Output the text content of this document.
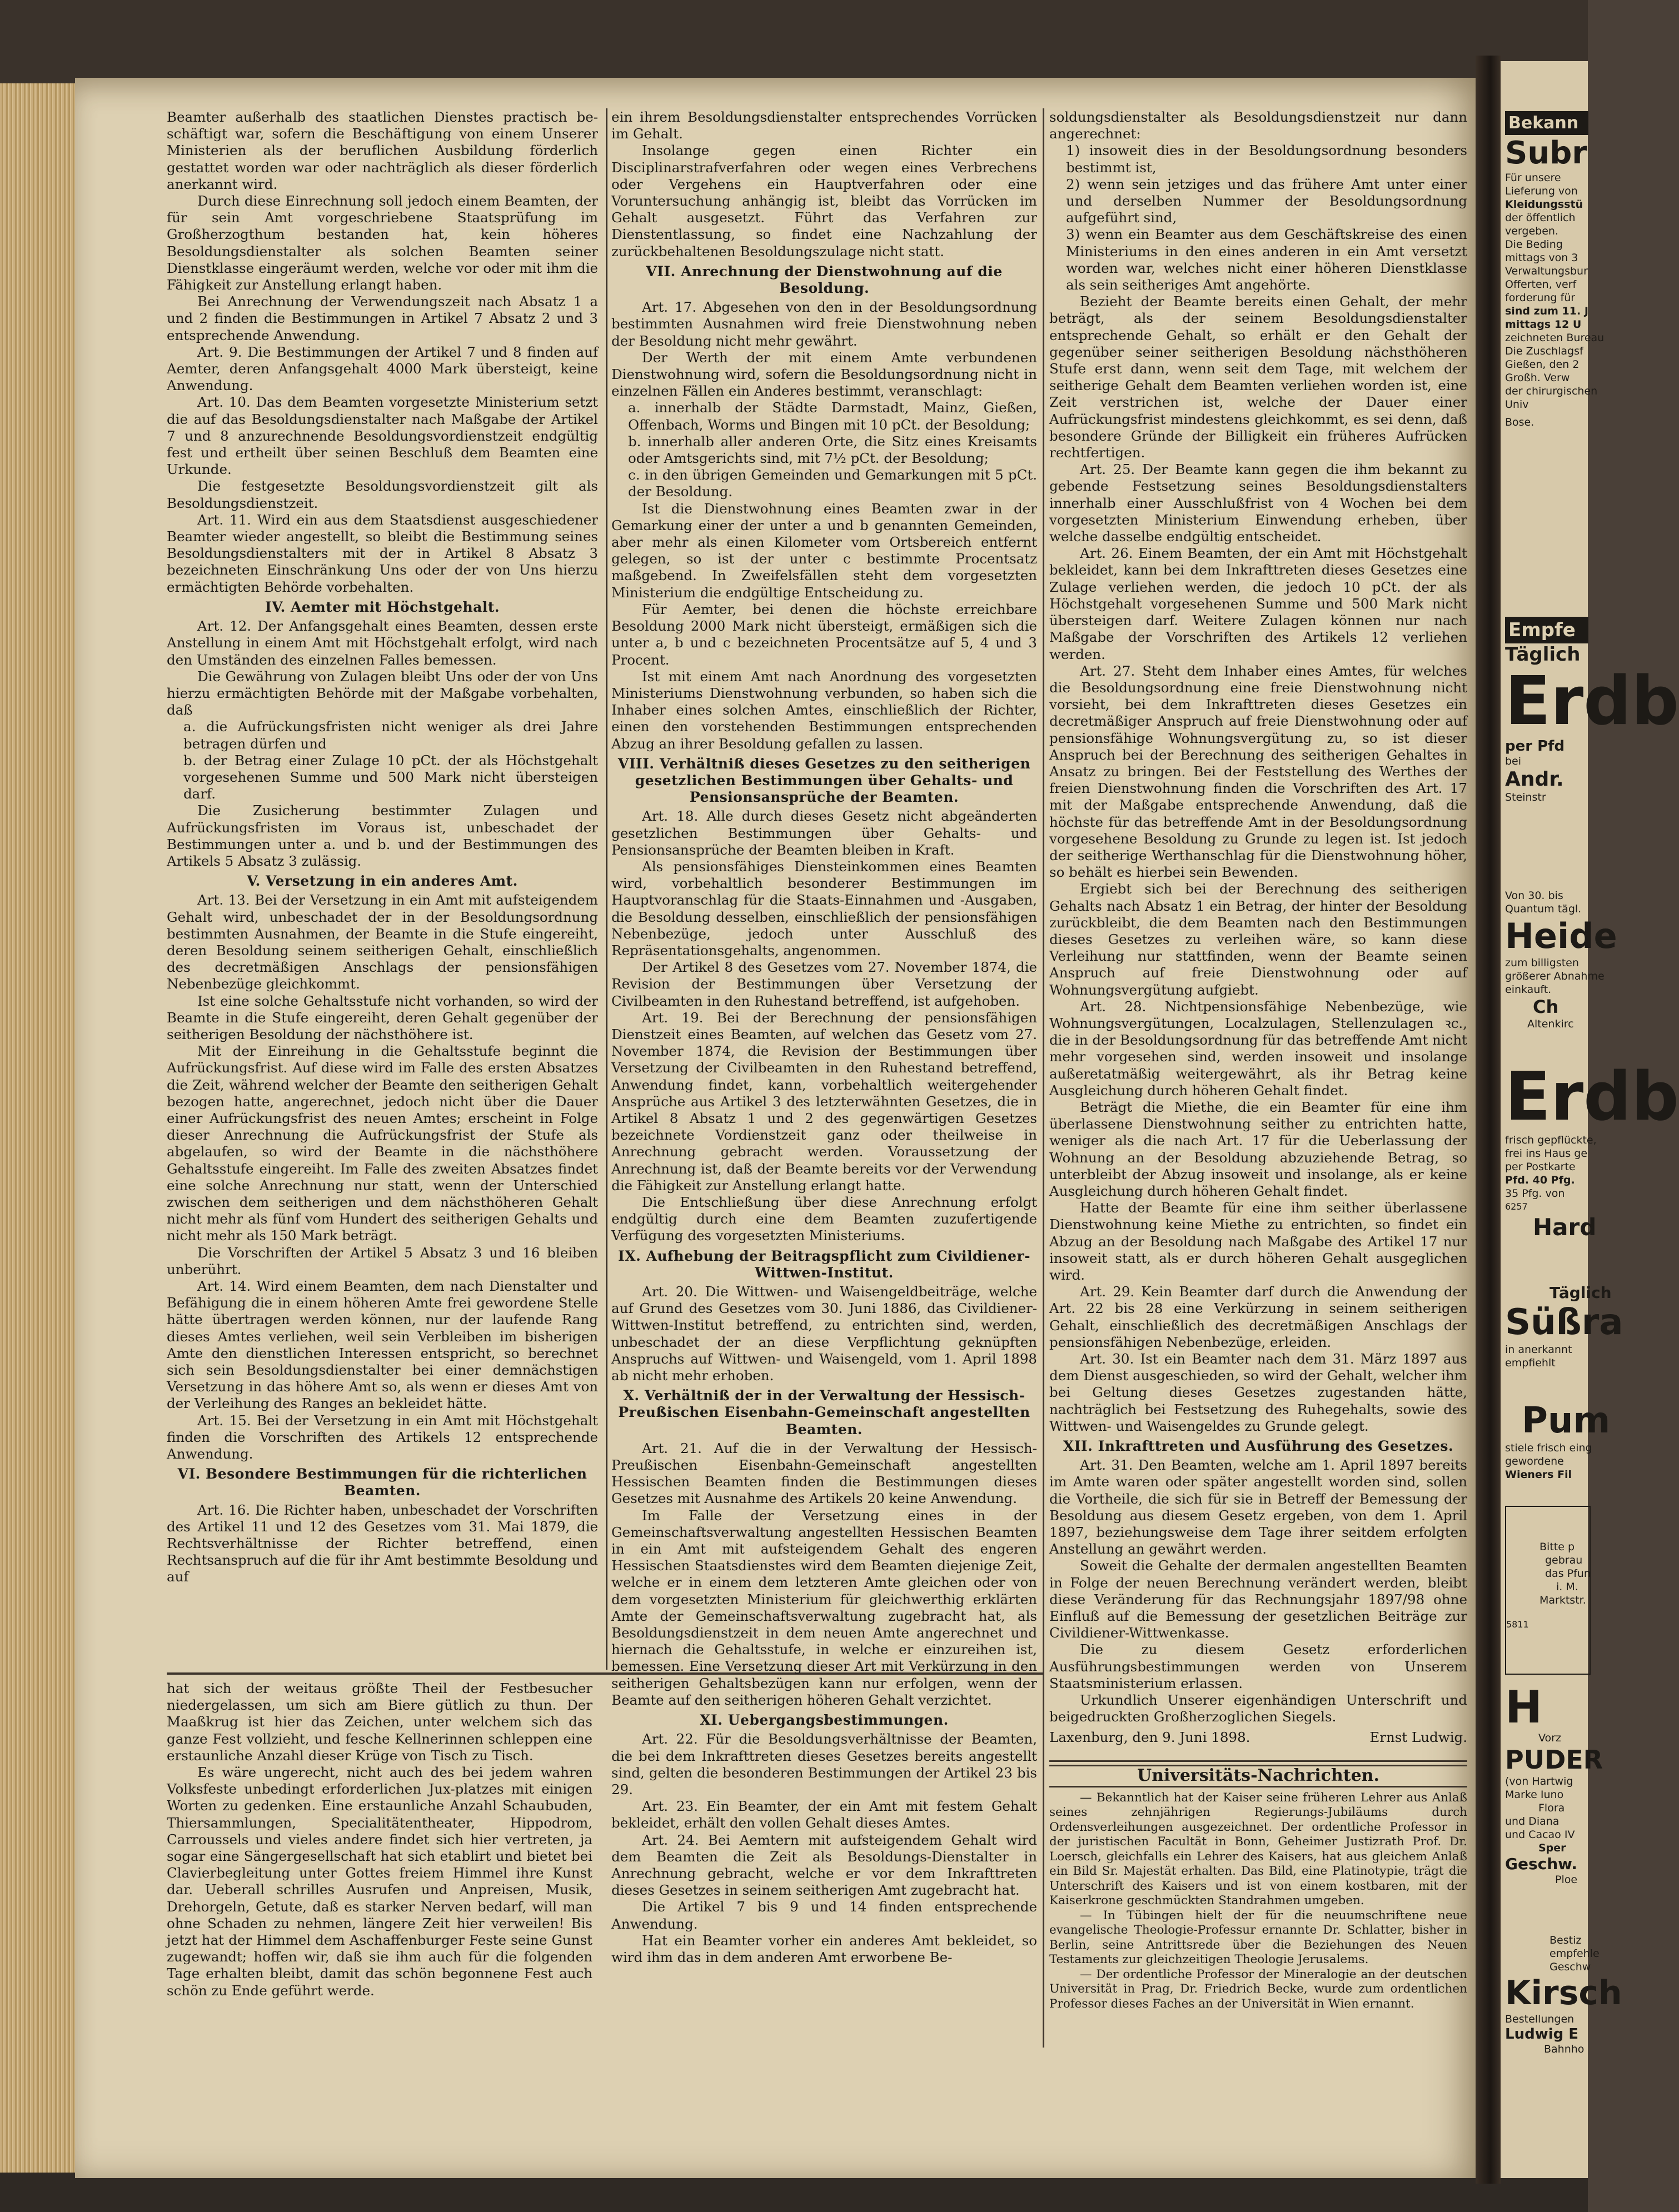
Beamter außerhalb des staatlichen Dienstes practisch be-schäftigt war, sofern die Beschäftigung von einem Unserer Ministerien als der beruflichen Ausbildung förderlich gestattet worden war oder nachträglich als dieser förderlich anerkannt wird.

Durch diese Einrechnung soll jedoch einem Beamten, der für sein Amt vorgeschriebene Staatsprüfung im Großherzogthum bestanden hat, kein höheres Besoldungsdienstalter als solchen Beamten seiner Dienstklasse eingeräumt werden, welche vor oder mit ihm die Fähigkeit zur Anstellung erlangt haben.

Bei Anrechnung der Verwendungszeit nach Absatz 1 a und 2 finden die Bestimmungen in Artikel 7 Absatz 2 und 3 entsprechende Anwendung.

Art. 9. Die Bestimmungen der Artikel 7 und 8 finden auf Aemter, deren Anfangsgehalt 4000 Mark übersteigt, keine Anwendung.

Art. 10. Das dem Beamten vorgesetzte Ministerium setzt die auf das Besoldungsdienstalter nach Maßgabe der Artikel 7 und 8 anzurechnende Besoldungsvordienstzeit endgültig fest und ertheilt über seinen Beschluß dem Beamten eine Urkunde.

Die festgesetzte Besoldungsvordienstzeit gilt als Besoldungsdienstzeit.

Art. 11. Wird ein aus dem Staatsdienst ausgeschiedener Beamter wieder angestellt, so bleibt die Bestimmung seines Besoldungsdienstalters mit der in Artikel 8 Absatz 3 bezeichneten Einschränkung Uns oder der von Uns hierzu ermächtigten Behörde vorbehalten.

IV. Aemter mit Höchstgehalt.

Art. 12. Der Anfangsgehalt eines Beamten, dessen erste Anstellung in einem Amt mit Höchstgehalt erfolgt, wird nach den Umständen des einzelnen Falles bemessen.

Die Gewährung von Zulagen bleibt Uns oder der von Uns hierzu ermächtigten Behörde mit der Maßgabe vorbehalten, daß

a. die Aufrückungsfristen nicht weniger als drei Jahre betragen dürfen und

b. der Betrag einer Zulage 10 pCt. der als Höchstgehalt vorgesehenen Summe und 500 Mark nicht übersteigen darf.

Die Zusicherung bestimmter Zulagen und Aufrückungsfristen im Voraus ist, unbeschadet der Bestimmungen unter a. und b. und der Bestimmungen des Artikels 5 Absatz 3 zulässig.

V. Versetzung in ein anderes Amt.

Art. 13. Bei der Versetzung in ein Amt mit aufsteigendem Gehalt wird, unbeschadet der in der Besoldungsordnung bestimmten Ausnahmen, der Beamte in die Stufe eingereiht, deren Besoldung seinem seitherigen Gehalt, einschließlich des decretmäßigen Anschlags der pensionsfähigen Nebenbezüge gleichkommt.

Ist eine solche Gehaltsstufe nicht vorhanden, so wird der Beamte in die Stufe eingereiht, deren Gehalt gegenüber der seitherigen Besoldung der nächsthöhere ist.

Mit der Einreihung in die Gehaltsstufe beginnt die Aufrückungsfrist. Auf diese wird im Falle des ersten Absatzes die Zeit, während welcher der Beamte den seitherigen Gehalt bezogen hatte, angerechnet, jedoch nicht über die Dauer einer Aufrückungsfrist des neuen Amtes; erscheint in Folge dieser Anrechnung die Aufrückungsfrist der Stufe als abgelaufen, so wird der Beamte in die nächsthöhere Gehaltsstufe eingereiht. Im Falle des zweiten Absatzes findet eine solche Anrechnung nur statt, wenn der Unterschied zwischen dem seitherigen und dem nächsthöheren Gehalt nicht mehr als fünf vom Hundert des seitherigen Gehalts und nicht mehr als 150 Mark beträgt.

Die Vorschriften der Artikel 5 Absatz 3 und 16 bleiben unberührt.

Art. 14. Wird einem Beamten, dem nach Dienstalter und Befähigung die in einem höheren Amte frei gewordene Stelle hätte übertragen werden können, nur der laufende Rang dieses Amtes verliehen, weil sein Verbleiben im bisherigen Amte den dienstlichen Interessen entspricht, so berechnet sich sein Besoldungsdienstalter bei einer demnächstigen Versetzung in das höhere Amt so, als wenn er dieses Amt von der Verleihung des Ranges an bekleidet hätte.

Art. 15. Bei der Versetzung in ein Amt mit Höchstgehalt finden die Vorschriften des Artikels 12 entsprechende Anwendung.

VI. Besondere Bestimmungen für die richterlichen Beamten.

Art. 16. Die Richter haben, unbeschadet der Vorschriften des Artikel 11 und 12 des Gesetzes vom 31. Mai 1879, die Rechtsverhältnisse der Richter betreffend, einen Rechtsanspruch auf die für ihr Amt bestimmte Besoldung und auf

ein ihrem Besoldungsdienstalter entsprechendes Vorrücken im Gehalt.

Insolange gegen einen Richter ein Disciplinarstrafverfahren oder wegen eines Verbrechens oder Vergehens ein Hauptverfahren oder eine Voruntersuchung anhängig ist, bleibt das Vorrücken im Gehalt ausgesetzt. Führt das Verfahren zur Dienstentlassung, so findet eine Nachzahlung der zurückbehaltenen Besoldungszulage nicht statt.

VII. Anrechnung der Dienstwohnung auf die Besoldung.

Art. 17. Abgesehen von den in der Besoldungsordnung bestimmten Ausnahmen wird freie Dienstwohnung neben der Besoldung nicht mehr gewährt.

Der Werth der mit einem Amte verbundenen Dienstwohnung wird, sofern die Besoldungsordnung nicht in einzelnen Fällen ein Anderes bestimmt, veranschlagt:

a. innerhalb der Städte Darmstadt, Mainz, Gießen, Offenbach, Worms und Bingen mit 10 pCt. der Besoldung;

b. innerhalb aller anderen Orte, die Sitz eines Kreisamts oder Amtsgerichts sind, mit 7½ pCt. der Besoldung;

c. in den übrigen Gemeinden und Gemarkungen mit 5 pCt. der Besoldung.

Ist die Dienstwohnung eines Beamten zwar in der Gemarkung einer der unter a und b genannten Gemeinden, aber mehr als einen Kilometer vom Ortsbereich entfernt gelegen, so ist der unter c bestimmte Procentsatz maßgebend. In Zweifelsfällen steht dem vorgesetzten Ministerium die endgültige Entscheidung zu.

Für Aemter, bei denen die höchste erreichbare Besoldung 2000 Mark nicht übersteigt, ermäßigen sich die unter a, b und c bezeichneten Procentsätze auf 5, 4 und 3 Procent.

Ist mit einem Amt nach Anordnung des vorgesetzten Ministeriums Dienstwohnung verbunden, so haben sich die Inhaber eines solchen Amtes, einschließlich der Richter, einen den vorstehenden Bestimmungen entsprechenden Abzug an ihrer Besoldung gefallen zu lassen.

VIII. Verhältniß dieses Gesetzes zu den seitherigen gesetzlichen Bestimmungen über Gehalts- und Pensionsansprüche der Beamten.

Art. 18. Alle durch dieses Gesetz nicht abgeänderten gesetzlichen Bestimmungen über Gehalts- und Pensionsansprüche der Beamten bleiben in Kraft.

Als pensionsfähiges Diensteinkommen eines Beamten wird, vorbehaltlich besonderer Bestimmungen im Hauptvoranschlag für die Staats-Einnahmen und -Ausgaben, die Besoldung desselben, einschließlich der pensionsfähigen Nebenbezüge, jedoch unter Ausschluß des Repräsentationsgehalts, angenommen.

Der Artikel 8 des Gesetzes vom 27. November 1874, die Revision der Bestimmungen über Versetzung der Civilbeamten in den Ruhestand betreffend, ist aufgehoben.

Art. 19. Bei der Berechnung der pensionsfähigen Dienstzeit eines Beamten, auf welchen das Gesetz vom 27. November 1874, die Revision der Bestimmungen über Versetzung der Civilbeamten in den Ruhestand betreffend, Anwendung findet, kann, vorbehaltlich weitergehender Ansprüche aus Artikel 3 des letzterwähnten Gesetzes, die in Artikel 8 Absatz 1 und 2 des gegenwärtigen Gesetzes bezeichnete Vordienstzeit ganz oder theilweise in Anrechnung gebracht werden. Voraussetzung der Anrechnung ist, daß der Beamte bereits vor der Verwendung die Fähigkeit zur Anstellung erlangt hatte.

Die Entschließung über diese Anrechnung erfolgt endgültig durch eine dem Beamten zuzufertigende Verfügung des vorgesetzten Ministeriums.

IX. Aufhebung der Beitragspflicht zum Civildiener-Wittwen-Institut.

Art. 20. Die Wittwen- und Waisengeldbeiträge, welche auf Grund des Gesetzes vom 30. Juni 1886, das Civildiener-Wittwen-Institut betreffend, zu entrichten sind, werden, unbeschadet der an diese Verpflichtung geknüpften Anspruchs auf Wittwen- und Waisengeld, vom 1. April 1898 ab nicht mehr erhoben.

X. Verhältniß der in der Verwaltung der Hessisch-Preußischen Eisenbahn-Gemeinschaft angestellten Beamten.

Art. 21. Auf die in der Verwaltung der Hessisch-Preußischen Eisenbahn-Gemeinschaft angestellten Hessischen Beamten finden die Bestimmungen dieses Gesetzes mit Ausnahme des Artikels 20 keine Anwendung.

Im Falle der Versetzung eines in der Gemeinschaftsverwaltung angestellten Hessischen Beamten in ein Amt mit aufsteigendem Gehalt des engeren Hessischen Staatsdienstes wird dem Beamten diejenige Zeit, welche er in einem dem letzteren Amte gleichen oder von dem vorgesetzten Ministerium für gleichwerthig erklärten Amte der Gemeinschaftsverwaltung zugebracht hat, als Besoldungsdienstzeit in dem neuen Amte angerechnet und hiernach die Gehaltsstufe, in welche er einzureihen ist, bemessen. Eine Versetzung dieser Art mit Verkürzung in den seitherigen Gehaltsbezügen kann nur erfolgen, wenn der Beamte auf den seitherigen höheren Gehalt verzichtet.

XI. Uebergangsbestimmungen.

Art. 22. Für die Besoldungsverhältnisse der Beamten, die bei dem Inkrafttreten dieses Gesetzes bereits angestellt sind, gelten die besonderen Bestimmungen der Artikel 23 bis 29.

Art. 23. Ein Beamter, der ein Amt mit festem Gehalt bekleidet, erhält den vollen Gehalt dieses Amtes.

Art. 24. Bei Aemtern mit aufsteigendem Gehalt wird dem Beamten die Zeit als Besoldungs-Dienstalter in Anrechnung gebracht, welche er vor dem Inkrafttreten dieses Gesetzes in seinem seitherigen Amt zugebracht hat.

Die Artikel 7 bis 9 und 14 finden entsprechende Anwendung.

Hat ein Beamter vorher ein anderes Amt bekleidet, so wird ihm das in dem anderen Amt erworbene Be-

soldungsdienstalter als Besoldungsdienstzeit nur dann angerechnet:

1) insoweit dies in der Besoldungsordnung besonders bestimmt ist,

2) wenn sein jetziges und das frühere Amt unter einer und derselben Nummer der Besoldungsordnung aufgeführt sind,

3) wenn ein Beamter aus dem Geschäftskreise des einen Ministeriums in den eines anderen in ein Amt versetzt worden war, welches nicht einer höheren Dienstklasse als sein seitheriges Amt angehörte.

Bezieht der Beamte bereits einen Gehalt, der mehr beträgt, als der seinem Besoldungsdienstalter entsprechende Gehalt, so erhält er den Gehalt der gegenüber seiner seitherigen Besoldung nächsthöheren Stufe erst dann, wenn seit dem Tage, mit welchem der seitherige Gehalt dem Beamten verliehen worden ist, eine Zeit verstrichen ist, welche der Dauer einer Aufrückungsfrist mindestens gleichkommt, es sei denn, daß besondere Gründe der Billigkeit ein früheres Aufrücken rechtfertigen.

Art. 25. Der Beamte kann gegen die ihm bekannt zu gebende Festsetzung seines Besoldungsdienstalters innerhalb einer Ausschlußfrist von 4 Wochen bei dem vorgesetzten Ministerium Einwendung erheben, über welche dasselbe endgültig entscheidet.

Art. 26. Einem Beamten, der ein Amt mit Höchstgehalt bekleidet, kann bei dem Inkrafttreten dieses Gesetzes eine Zulage verliehen werden, die jedoch 10 pCt. der als Höchstgehalt vorgesehenen Summe und 500 Mark nicht übersteigen darf. Weitere Zulagen können nur nach Maßgabe der Vorschriften des Artikels 12 verliehen werden.

Art. 27. Steht dem Inhaber eines Amtes, für welches die Besoldungsordnung eine freie Dienstwohnung nicht vorsieht, bei dem Inkrafttreten dieses Gesetzes ein decretmäßiger Anspruch auf freie Dienstwohnung oder auf pensionsfähige Wohnungsvergütung zu, so ist dieser Anspruch bei der Berechnung des seitherigen Gehaltes in Ansatz zu bringen. Bei der Feststellung des Werthes der freien Dienstwohnung finden die Vorschriften des Art. 17 mit der Maßgabe entsprechende Anwendung, daß die höchste für das betreffende Amt in der Besoldungsordnung vorgesehene Besoldung zu Grunde zu legen ist. Ist jedoch der seitherige Werthanschlag für die Dienstwohnung höher, so behält es hierbei sein Bewenden.

Ergiebt sich bei der Berechnung des seitherigen Gehalts nach Absatz 1 ein Betrag, der hinter der Besoldung zurückbleibt, die dem Beamten nach den Bestimmungen dieses Gesetzes zu verleihen wäre, so kann diese Verleihung nur stattfinden, wenn der Beamte seinen Anspruch auf freie Dienstwohnung oder auf Wohnungsvergütung aufgiebt.

Art. 28. Nichtpensionsfähige Nebenbezüge, wie Wohnungsvergütungen, Localzulagen, Stellenzulagen ꝛc., die in der Besoldungsordnung für das betreffende Amt nicht mehr vorgesehen sind, werden insoweit und insolange außeretatmäßig weitergewährt, als ihr Betrag keine Ausgleichung durch höheren Gehalt findet.

Beträgt die Miethe, die ein Beamter für eine ihm überlassene Dienstwohnung seither zu entrichten hatte, weniger als die nach Art. 17 für die Ueberlassung der Wohnung an der Besoldung abzuziehende Betrag, so unterbleibt der Abzug insoweit und insolange, als er keine Ausgleichung durch höheren Gehalt findet.

Hatte der Beamte für eine ihm seither überlassene Dienstwohnung keine Miethe zu entrichten, so findet ein Abzug an der Besoldung nach Maßgabe des Artikel 17 nur insoweit statt, als er durch höheren Gehalt ausgeglichen wird.

Art. 29. Kein Beamter darf durch die Anwendung der Art. 22 bis 28 eine Verkürzung in seinem seitherigen Gehalt, einschließlich des decretmäßigen Anschlags der pensionsfähigen Nebenbezüge, erleiden.

Art. 30. Ist ein Beamter nach dem 31. März 1897 aus dem Dienst ausgeschieden, so wird der Gehalt, welcher ihm bei Geltung dieses Gesetzes zugestanden hätte, nachträglich bei Festsetzung des Ruhegehalts, sowie des Wittwen- und Waisengeldes zu Grunde gelegt.

XII. Inkrafttreten und Ausführung des Gesetzes.

Art. 31. Den Beamten, welche am 1. April 1897 bereits im Amte waren oder später angestellt worden sind, sollen die Vortheile, die sich für sie in Betreff der Bemessung der Besoldung aus diesem Gesetz ergeben, von dem 1. April 1897, beziehungsweise dem Tage ihrer seitdem erfolgten Anstellung an gewährt werden.

Soweit die Gehalte der dermalen angestellten Beamten in Folge der neuen Berechnung verändert werden, bleibt diese Veränderung für das Rechnungsjahr 1897/98 ohne Einfluß auf die Bemessung der gesetzlichen Beiträge zur Civildiener-Wittwenkasse.

Die zu diesem Gesetz erforderlichen Ausführungsbestimmungen werden von Unserem Staatsministerium erlassen.

Urkundlich Unserer eigenhändigen Unterschrift und beigedruckten Großherzoglichen Siegels.

Laxenburg, den 9. Juni 1898.	Ernst Ludwig.

hat sich der weitaus größte Theil der Festbesucher niedergelassen, um sich am Biere gütlich zu thun. Der Maaßkrug ist hier das Zeichen, unter welchem sich das ganze Fest vollzieht, und fesche Kellnerinnen schleppen eine erstaunliche Anzahl dieser Krüge von Tisch zu Tisch.

Es wäre ungerecht, nicht auch des bei jedem wahren Volksfeste unbedingt erforderlichen Jux-platzes mit einigen Worten zu gedenken. Eine erstaunliche Anzahl Schaubuden, Thiersammlungen, Specialitätentheater, Hippodrom, Carroussels und vieles andere findet sich hier vertreten, ja sogar eine Sängergesellschaft hat sich etablirt und bietet bei Clavierbegleitung unter Gottes freiem Himmel ihre Kunst dar. Ueberall schrilles Ausrufen und Anpreisen, Musik, Drehorgeln, Getute, daß es starker Nerven bedarf, will man ohne Schaden zu nehmen, längere Zeit hier verweilen! Bis jetzt hat der Himmel dem Aschaffenburger Feste seine Gunst zugewandt; hoffen wir, daß sie ihm auch für die folgenden Tage erhalten bleibt, damit das schön begonnene Fest auch schön zu Ende geführt werde.

Universitäts-Nachrichten.

— Bekanntlich hat der Kaiser seine früheren Lehrer aus Anlaß seines zehnjährigen Regierungs-Jubiläums durch Ordensverleihungen ausgezeichnet. Der ordentliche Professor in der juristischen Facultät in Bonn, Geheimer Justizrath Prof. Dr. Loersch, gleichfalls ein Lehrer des Kaisers, hat aus gleichem Anlaß ein Bild Sr. Majestät erhalten. Das Bild, eine Platinotypie, trägt die Unterschrift des Kaisers und ist von einem kostbaren, mit der Kaiserkrone geschmückten Standrahmen umgeben.

— In Tübingen hielt der für die neuumschriftene neue evangelische Theologie-Professur ernannte Dr. Schlatter, bisher in Berlin, seine Antrittsrede über die Beziehungen des Neuen Testaments zur gleichzeitigen Theologie Jerusalems.

— Der ordentliche Professor der Mineralogie an der deutschen Universität in Prag, Dr. Friedrich Becke, wurde zum ordentlichen Professor dieses Faches an der Universität in Wien ernannt.

Bekann
Subr
Für unsere
Lieferung von
Kleidungsstü
der öffentlich
vergeben.
Die Beding
mittags von 3
Verwaltungsbur
Offerten, verf
forderung für
sind zum 11. J
mittags 12 U
zeichneten Bureau
Die Zuschlagsf
Gießen, den 2
Großh. Verw
der chirurgischen
Univ
Bose.
Empfe
Täglich
Erdb
per Pfd
bei
Andr.
Steinstr
Von 30. bis
Quantum tägl.
Heide
zum billigsten
größerer Abnahme
einkauft.
Ch
Altenkirc
Erdb
frisch gepflückte,
frei ins Haus ge
per Postkarte
Pfd. 40 Pfg.
35 Pfg. von
6257
Hard
Täglich
Süßra
in anerkannt
empfiehlt
Pum
stiele frisch eing
gewordene
Wieners Fil
Bitte p
gebrau
das Pfun
i. M.
Marktstr.
5811
H
Vorz
PUDER
(von Hartwig
Marke Iuno
Flora
und Diana
und Cacao IV
Sper
Geschw.
Ploe
Bestiz
empfehle
Geschw
Kirsch
Bestellungen
Ludwig E
Bahnho
